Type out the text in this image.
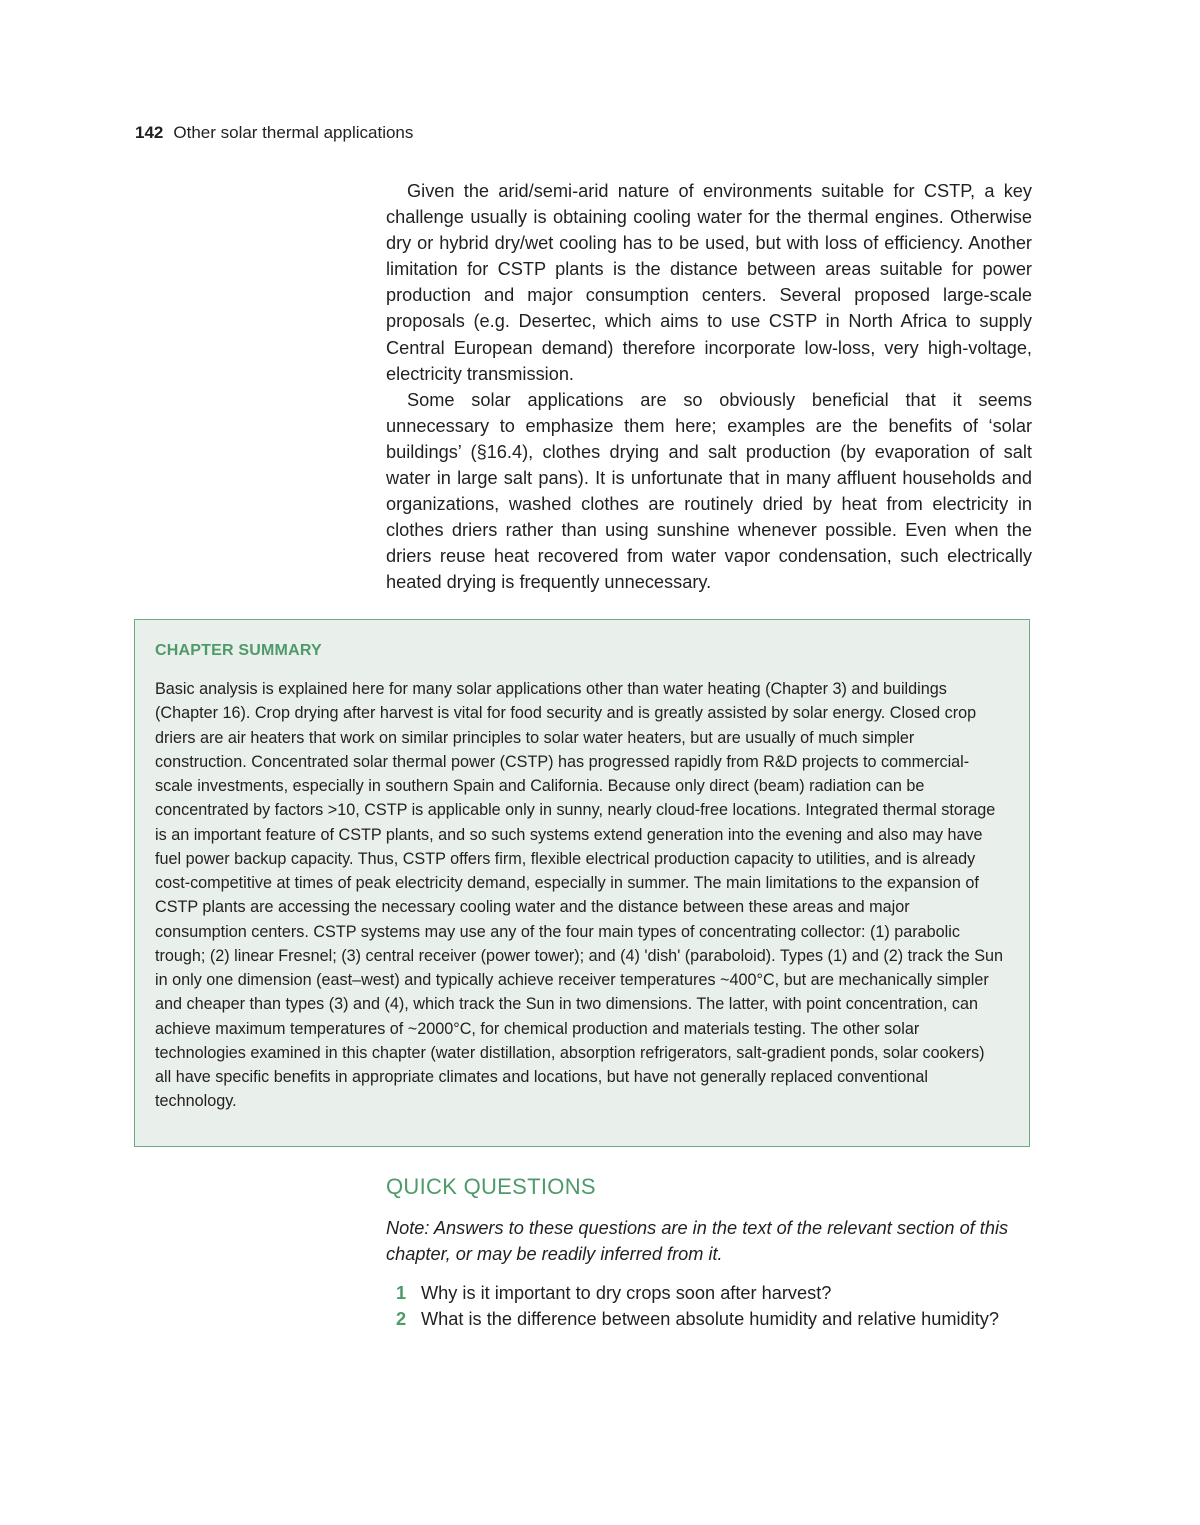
142 Other solar thermal applications

Given the arid/semi-arid nature of environments suitable for CSTP, a key challenge usually is obtaining cooling water for the thermal engines. Otherwise dry or hybrid dry/wet cooling has to be used, but with loss of efficiency. Another limitation for CSTP plants is the distance between areas suitable for power production and major consumption centers. Several proposed large-scale proposals (e.g. Desertec, which aims to use CSTP in North Africa to supply Central European demand) therefore incorporate low-loss, very high-voltage, electricity transmission.

Some solar applications are so obviously beneficial that it seems unnecessary to emphasize them here; examples are the benefits of ‘solar buildings’ (§16.4), clothes drying and salt production (by evaporation of salt water in large salt pans). It is unfortunate that in many affluent households and organizations, washed clothes are routinely dried by heat from electricity in clothes driers rather than using sunshine whenever possible. Even when the driers reuse heat recovered from water vapor condensation, such electrically heated drying is frequently unnecessary.

CHAPTER SUMMARY

Basic analysis is explained here for many solar applications other than water heating (Chapter 3) and buildings (Chapter 16). Crop drying after harvest is vital for food security and is greatly assisted by solar energy. Closed crop driers are air heaters that work on similar principles to solar water heaters, but are usually of much simpler construction. Concentrated solar thermal power (CSTP) has progressed rapidly from R&D projects to commercial-scale investments, especially in southern Spain and California. Because only direct (beam) radiation can be concentrated by factors >10, CSTP is applicable only in sunny, nearly cloud-free locations. Integrated thermal storage is an important feature of CSTP plants, and so such systems extend generation into the evening and also may have fuel power backup capacity. Thus, CSTP offers firm, flexible electrical production capacity to utilities, and is already cost-competitive at times of peak electricity demand, especially in summer. The main limitations to the expansion of CSTP plants are accessing the necessary cooling water and the distance between these areas and major consumption centers. CSTP systems may use any of the four main types of concentrating collector: (1) parabolic trough; (2) linear Fresnel; (3) central receiver (power tower); and (4) 'dish' (paraboloid). Types (1) and (2) track the Sun in only one dimension (east–west) and typically achieve receiver temperatures ~400°C, but are mechanically simpler and cheaper than types (3) and (4), which track the Sun in two dimensions. The latter, with point concentration, can achieve maximum temperatures of ~2000°C, for chemical production and materials testing. The other solar technologies examined in this chapter (water distillation, absorption refrigerators, salt-gradient ponds, solar cookers) all have specific benefits in appropriate climates and locations, but have not generally replaced conventional technology.

QUICK QUESTIONS

Note: Answers to these questions are in the text of the relevant section of this chapter, or may be readily inferred from it.

1 Why is it important to dry crops soon after harvest?
2 What is the difference between absolute humidity and relative humidity?
